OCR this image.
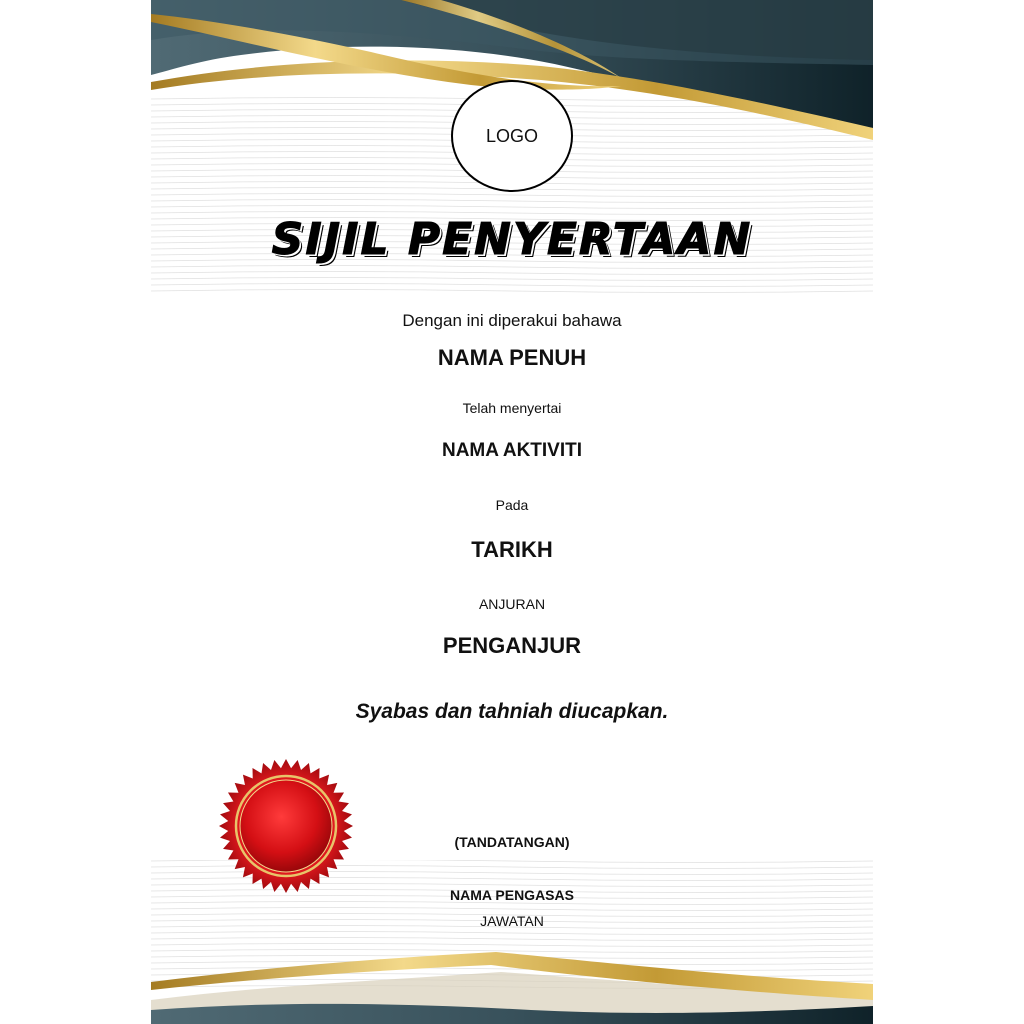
LOGO
SIJIL PENYERTAAN
Dengan ini diperakui bahawa
NAMA PENUH
Telah menyertai
NAMA AKTIVITI
Pada
TARIKH
ANJURAN
PENGANJUR
Syabas dan tahniah diucapkan.
(TANDATANGAN)
NAMA PENGASAS
JAWATAN
